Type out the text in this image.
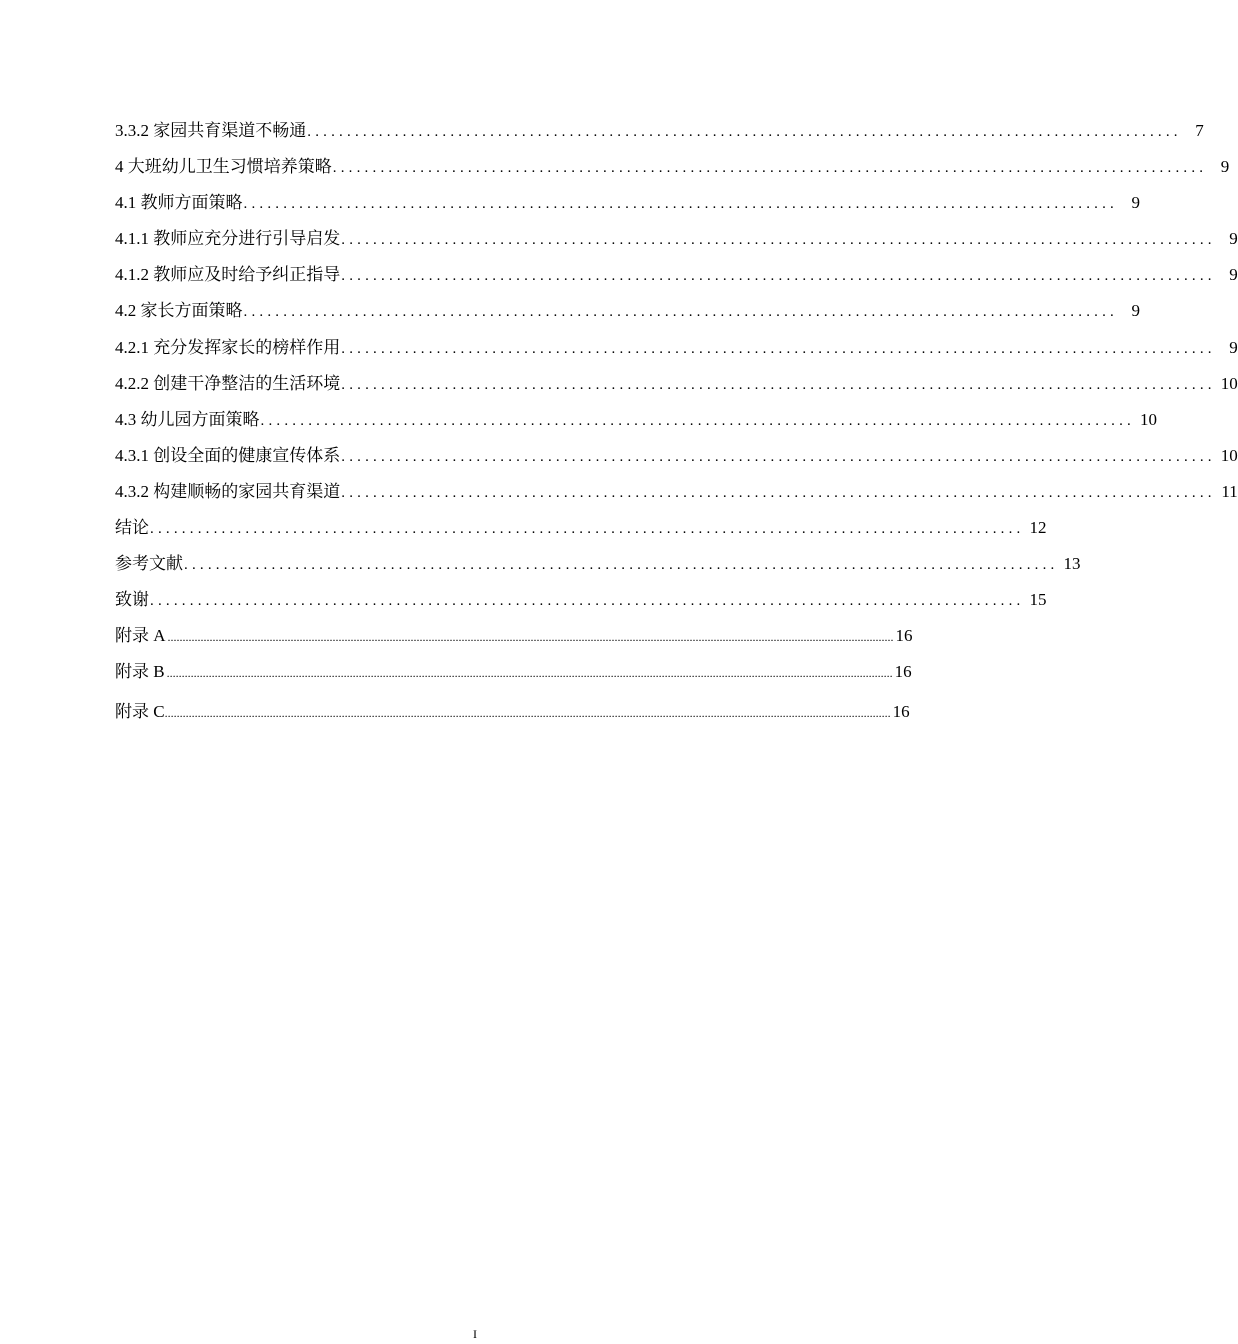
3.3.2 家园共育渠道不畅通 .............................................................................................................. 7
4 大班幼儿卫生习惯培养策略 .............................................................................................................. 9
4.1 教师方面策略 .............................................................................................................. 9
4.1.1 教师应充分进行引导启发 .............................................................................................................. 9
4.1.2 教师应及时给予纠正指导 .............................................................................................................. 9
4.2 家长方面策略 .............................................................................................................. 9
4.2.1 充分发挥家长的榜样作用 .............................................................................................................. 9
4.2.2 创建干净整洁的生活环境 .............................................................................................................. 10
4.3 幼儿园方面策略 .............................................................................................................. 10
4.3.1 创设全面的健康宣传体系 .............................................................................................................. 10
4.3.2 构建顺畅的家园共育渠道 .............................................................................................................. 11
结论 .............................................................................................................. 12
参考文献 .............................................................................................................. 13
致谢 .............................................................................................................. 15
附录 A .................................................................................................................................................................................................................................................. 16
附录 B .................................................................................................................................................................................................................................................. 16
附录 C .................................................................................................................................................................................................................................................. 16
I
